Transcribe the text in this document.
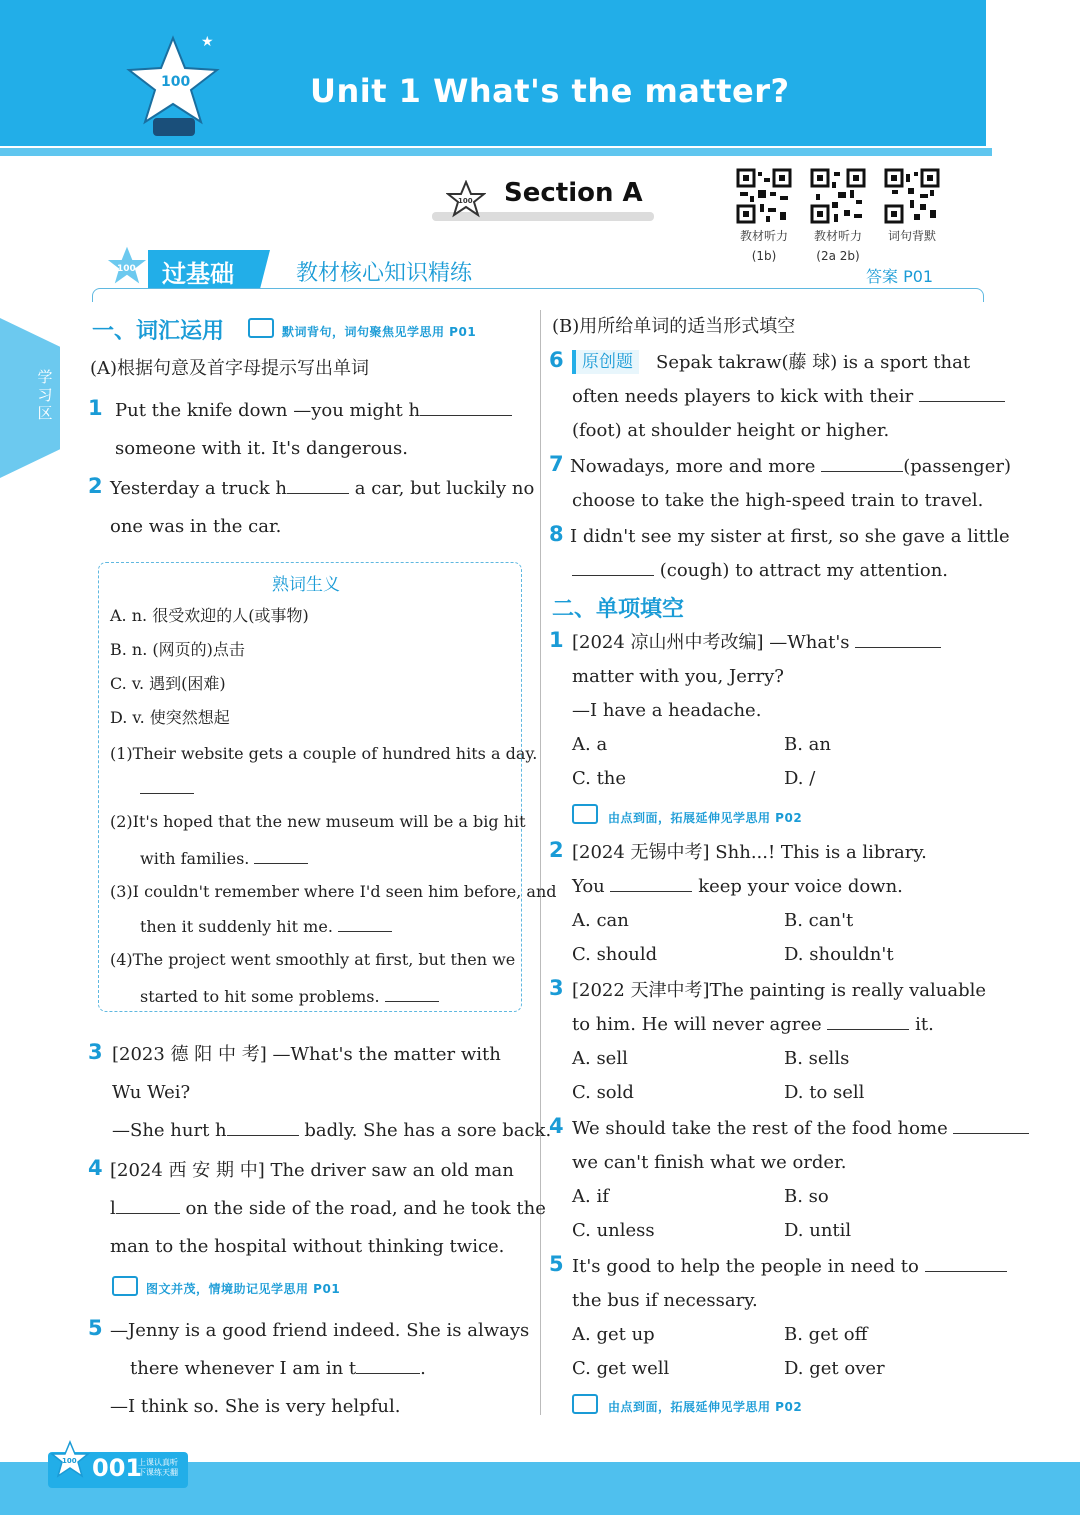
100
★
Unit 1 What's the matter?
学习区
100 Section A
教材听力
(1b)
教材听力
(2a 2b)
词句背默
100 过基础	教材核心知识精练	答案 P01
一、词汇运用	默词背句，词句聚焦见学思用 P01
(A)根据句意及首字母提示写出单词
1 Put the knife down —you might h
someone with it. It's dangerous.
2 Yesterday a truck h	a car, but luckily no
one was in the car.
熟词生义
A. n. 很受欢迎的人(或事物)
B. n. (网页的)点击
C. v. 遇到(困难)
D. v. 使突然想起
(1)Their website gets a couple of hundred hits a day.
(2)It's hoped that the new museum will be a big hit
with families.
(3)I couldn't remember where I'd seen him before, and
then it suddenly hit me.
(4)The project went smoothly at first, but then we
started to hit some problems.
3 [2023 德 阳 中 考] —What's the matter with
Wu Wei?
—She hurt h	badly. She has a sore back.
4 [2024 西 安 期 中] The driver saw an old man
l	on the side of the road, and he took the
man to the hospital without thinking twice.
图文并茂，情境助记见学思用 P01
5 —Jenny is a good friend indeed. She is always
there whenever I am in t	.
—I think so. She is very helpful.
(B)用所给单词的适当形式填空
6	原创题	Sepak takraw(藤 球) is a sport that
often needs players to kick with their
(foot) at shoulder height or higher.
7 Nowadays, more and more	(passenger)
choose to take the high-speed train to travel.
8 I didn't see my sister at first, so she gave a little
(cough) to attract my attention.
二、单项填空
1 [2024 凉山州中考改编] —What's
matter with you, Jerry?
—I have a headache.
A. a	B. an
C. the	D. /
由点到面，拓展延伸见学思用 P02
2 [2024 无锡中考] Shh...! This is a library.
You	keep your voice down.
A. can	B. can't
C. should	D. shouldn't
3 [2022 天津中考]The painting is really valuable
to him. He will never agree	it.
A. sell	B. sells
C. sold	D. to sell
4 We should take the rest of the food home
we can't finish what we order.
A. if	B. so
C. unless	D. until
5 It's good to help the people in need to
the bus if necessary.
A. get up	B. get off
C. get well	D. get over
由点到面，拓展延伸见学思用 P02
100 001
上课认真听 下课练天翻
